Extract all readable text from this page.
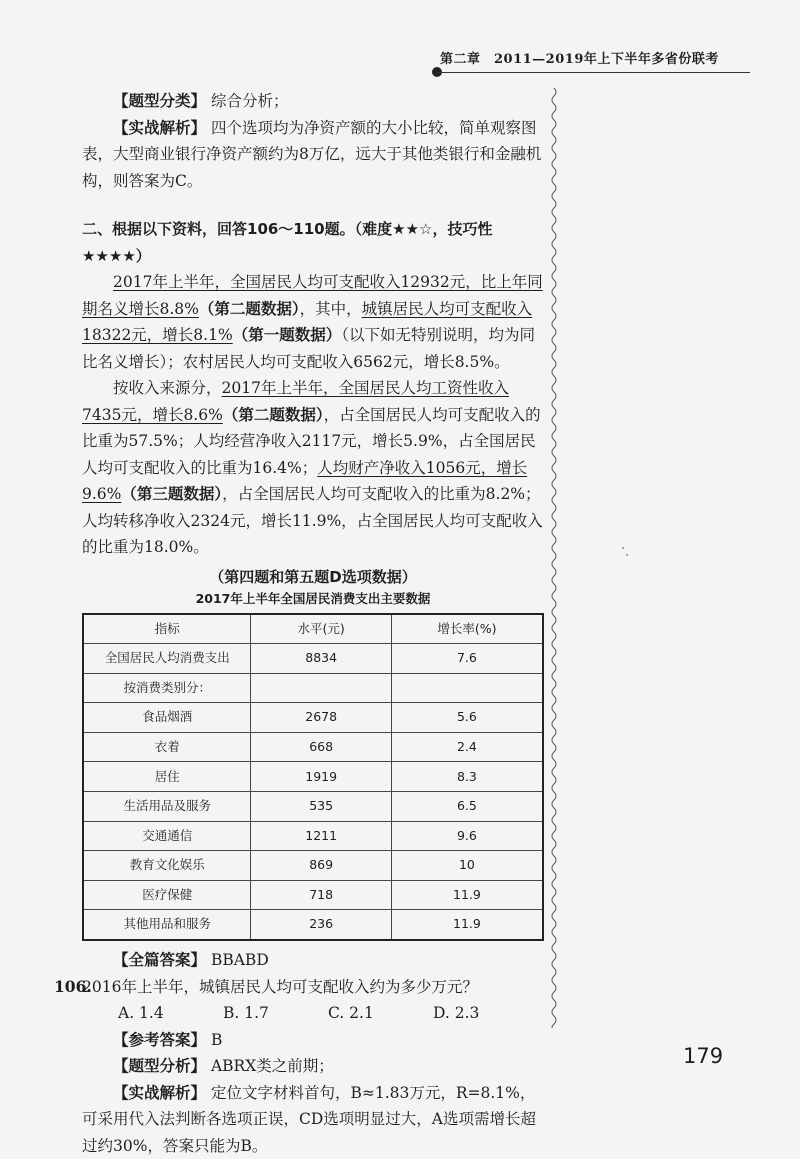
第二章　2011—2019年上下半年多省份联考

【题型分类】 综合分析；

【实战解析】 四个选项均为净资产额的大小比较，简单观察图表，大型商业银行净资产额约为8万亿，远大于其他类银行和金融机构，则答案为C。

二、根据以下资料，回答106～110题。（难度★★☆，技巧性★★★★）

2017年上半年，全国居民人均可支配收入12932元，比上年同期名义增长8.8%（第二题数据），其中，城镇居民人均可支配收入18322元，增长8.1%（第一题数据）（以下如无特别说明，均为同比名义增长）；农村居民人均可支配收入6562元，增长8.5%。

按收入来源分，2017年上半年，全国居民人均工资性收入7435元，增长8.6%（第二题数据），占全国居民人均可支配收入的比重为57.5%；人均经营净收入2117元，增长5.9%，占全国居民人均可支配收入的比重为16.4%；人均财产净收入1056元，增长9.6%（第三题数据），占全国居民人均可支配收入的比重为8.2%；人均转移净收入2324元，增长11.9%，占全国居民人均可支配收入的比重为18.0%。

（第四题和第五题D选项数据）
2017年上半年全国居民消费支出主要数据
指标	水平(元)	增长率(%)
全国居民人均消费支出	8834	7.6
按消费类别分：		
食品烟酒	2678	5.6
衣着	668	2.4
居住	1919	8.3
生活用品及服务	535	6.5
交通通信	1211	9.6
教育文化娱乐	869	10
医疗保健	718	11.9
其他用品和服务	236	11.9

【全篇答案】 BBABD

106.2016年上半年，城镇居民人均可支配收入约为多少万元？

A. 1.4	B. 1.7	C. 2.1	D. 2.3

【参考答案】 B

【题型分析】 ABRX类之前期；

【实战解析】 定位文字材料首句，B≈1.83万元，R=8.1%，可采用代入法判断各选项正误，CD选项明显过大，A选项需增长超过约30%，答案只能为B。

179
